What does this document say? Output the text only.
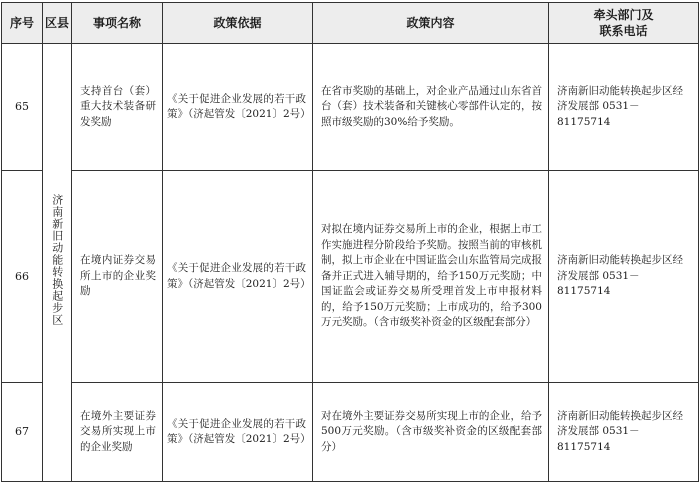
序号	区县	事项名称	政策依据	政策内容	牵头部门及
联系电话
65	济南新旧动能转换起步区	支持首台（套）重大技术装备研发奖励	《关于促进企业发展的若干政策》（济起管发〔2021〕2号）	在省市奖励的基础上，对企业产品通过山东省首台（套）技术装备和关键核心零部件认定的，按照市级奖励的30%给予奖励。	济南新旧动能转换起步区经济发展部 0531－81175714
66		在境内证券交易所上市的企业奖励	《关于促进企业发展的若干政策》（济起管发〔2021〕2号）	对拟在境内证券交易所上市的企业，根据上市工作实施进程分阶段给予奖励。按照当前的审核机制，拟上市企业在中国证监会山东监管局完成报备并正式进入辅导期的，给予150万元奖励；中国证监会或证券交易所受理首发上市申报材料的，给予150万元奖励；上市成功的，给予300万元奖励。（含市级奖补资金的区级配套部分）	济南新旧动能转换起步区经济发展部 0531－81175714
67		在境外主要证券交易所实现上市的企业奖励	《关于促进企业发展的若干政策》（济起管发〔2021〕2号）	对在境外主要证券交易所实现上市的企业，给予500万元奖励。（含市级奖补资金的区级配套部分）	济南新旧动能转换起步区经济发展部 0531－81175714
